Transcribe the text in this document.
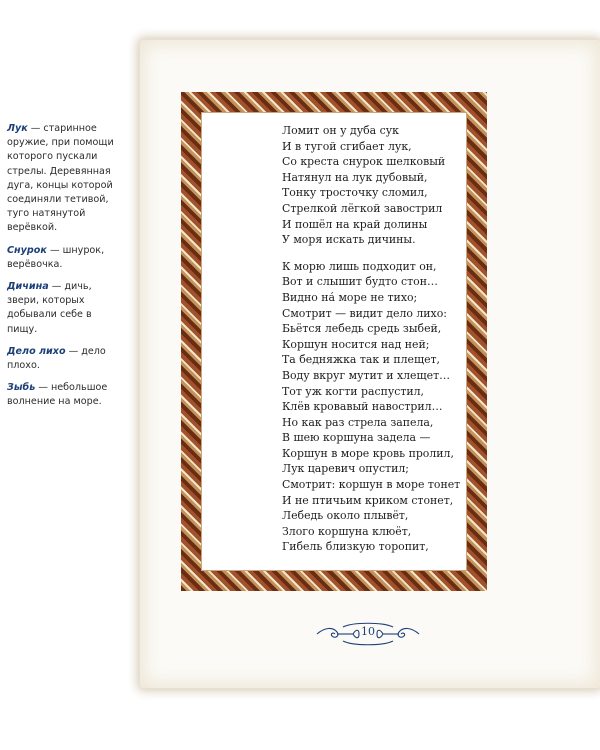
Лук — старинное оружие, при помощи которого пускали стрелы. Деревянная дуга, концы которой соединяли тетивой, туго натянутой верёвкой.
Снурок — шнурок, верёвочка.
Дичина — дичь, звери, которых добывали себе в пищу.
Дело лихо — дело плохо.
Зыбь — небольшое волнение на море.
Ломит он у дуба сук
И в тугой сгибает лук,
Со креста снурок шелковый
Натянул на лук дубовый,
Тонку тросточку сломил,
Стрелкой лёгкой завострил
И пошёл на край долины
У моря искать дичины.
К морю лишь подходит он,
Вот и слышит будто стон…
Видно на́ море не тихо;
Смотрит — видит дело лихо:
Бьётся лебедь средь зыбей,
Коршун носится над ней;
Та бедняжка так и плещет,
Воду вкруг мутит и хлещет…
Тот уж когти распустил,
Клёв кровавый навострил…
Но как раз стрела запела,
В шею коршуна задела —
Коршун в море кровь пролил,
Лук царевич опустил;
Смотрит: коршун в море тонет
И не птичьим криком стонет,
Лебедь около плывёт,
Злого коршуна клюёт,
Гибель близкую торопит,
10
